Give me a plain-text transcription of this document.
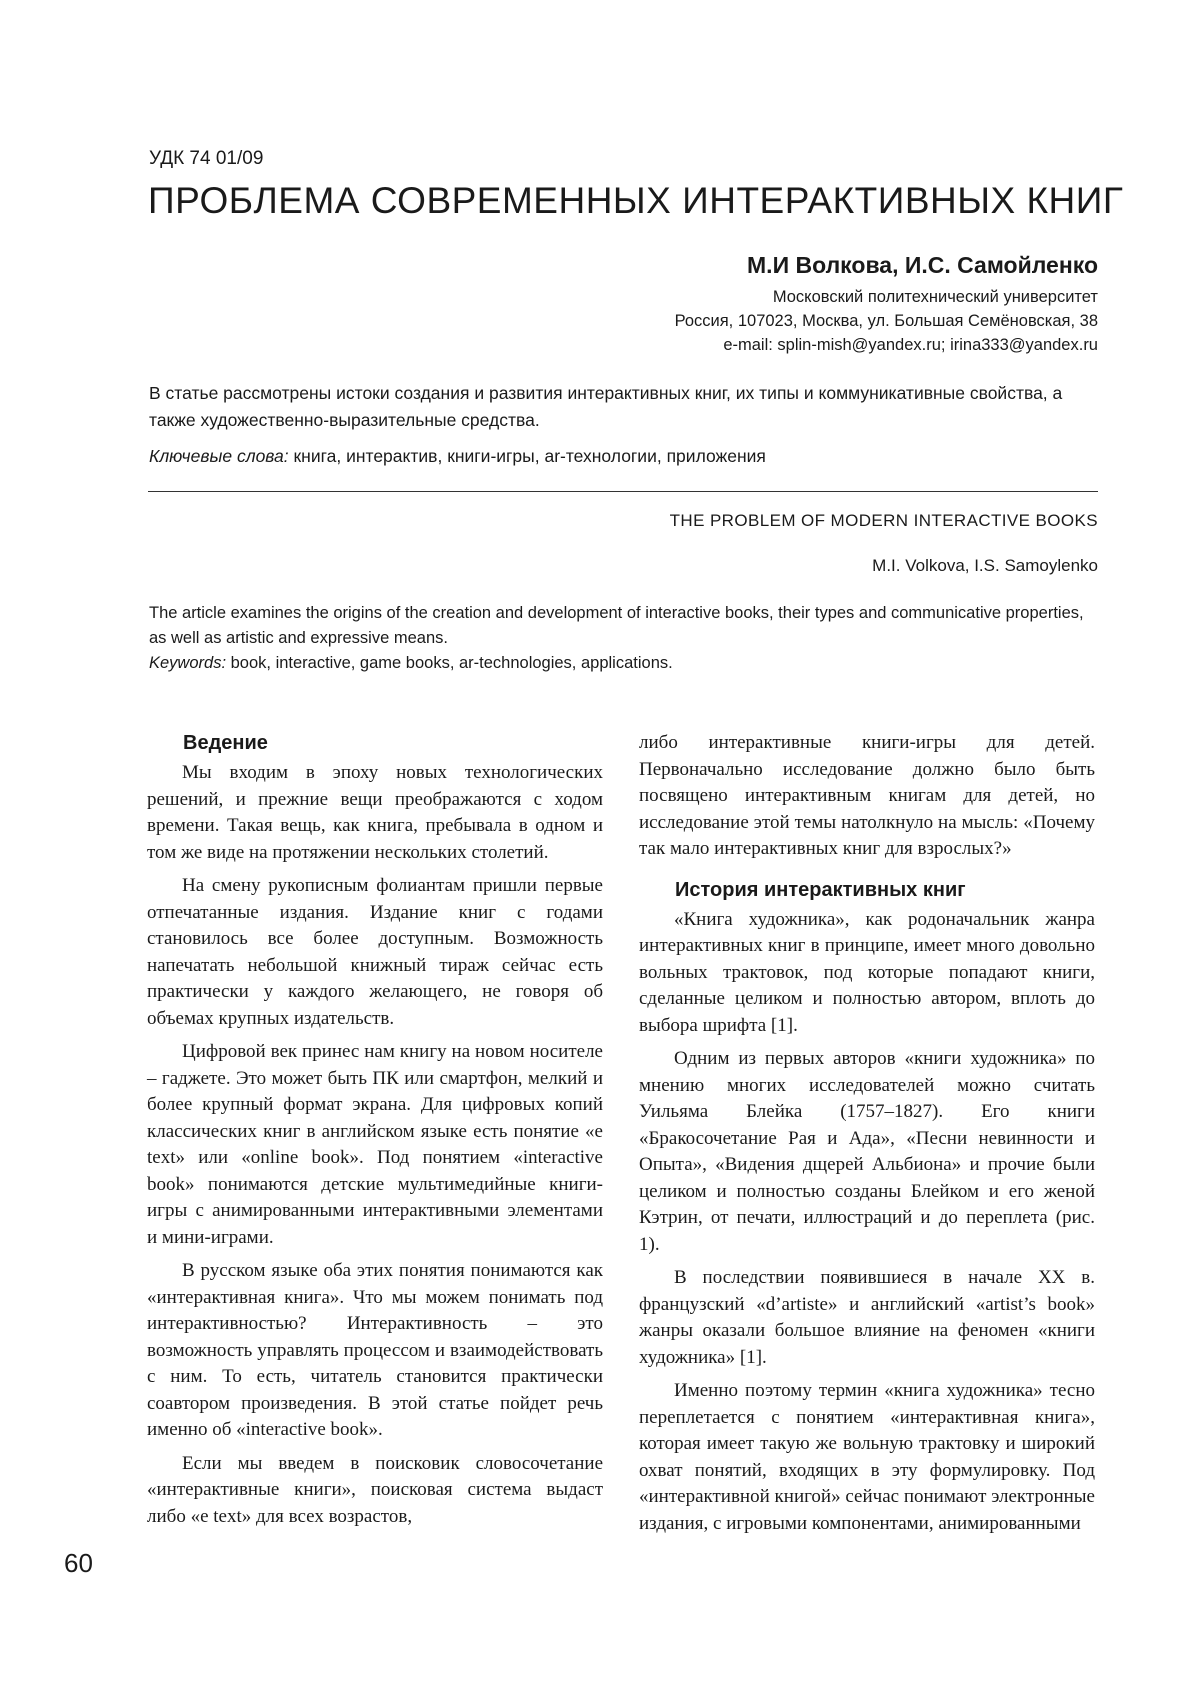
УДК 74 01/09
ПРОБЛЕМА СОВРЕМЕННЫХ ИНТЕРАКТИВНЫХ КНИГ
М.И Волкова, И.С. Самойленко
Московский политехнический университет
Россия, 107023, Москва, ул. Большая Семёновская, 38
e-mail: splin-mish@yandex.ru; irina333@yandex.ru

В статье рассмотрены истоки создания и развития интерактивных книг, их типы и коммуникативные свойства, а также художественно-выразительные средства.

Ключевые слова: книга, интерактив, книги-игры, ar-технологии, приложения
THE PROBLEM OF MODERN INTERACTIVE BOOKS
M.I. Volkova, I.S. Samoylenko

The article examines the origins of the creation and development of interactive books, their types and communicative properties, as well as artistic and expressive means.

Keywords: book, interactive, game books, ar-technologies, applications.
Ведение

Мы входим в эпоху новых технологических решений, и прежние вещи преображаются с ходом времени. Такая вещь, как книга, пребывала в одном и том же виде на протяжении нескольких столетий.

На смену рукописным фолиантам пришли первые отпечатанные издания. Издание книг с годами становилось все более доступным. Возможность напечатать небольшой книжный тираж сейчас есть практически у каждого желающего, не говоря об объемах крупных издательств.

Цифровой век принес нам книгу на новом носителе – гаджете. Это может быть ПК или смартфон, мелкий и более крупный формат экрана. Для цифровых копий классических книг в английском языке есть понятие «e text» или «online book». Под понятием «interactive book» понимаются детские мультимедийные книги-игры с анимированными интерактивными элементами и мини-играми.

В русском языке оба этих понятия понимаются как «интерактивная книга». Что мы можем понимать под интерактивностью? Интерактивность – это возможность управлять процессом и взаимодействовать с ним. То есть, читатель становится практически соавтором произведения. В этой статье пойдет речь именно об «interactive book».

Если мы введем в поисковик словосочетание «интерактивные книги», поисковая система выдаст либо «e text» для всех возрастов,

либо интерактивные книги-игры для детей. Первоначально исследование должно было быть посвящено интерактивным книгам для детей, но исследование этой темы натолкнуло на мысль: «Почему так мало интерактивных книг для взрослых?»

История интерактивных книг

«Книга художника», как родоначальник жанра интерактивных книг в принципе, имеет много довольно вольных трактовок, под которые попадают книги, сделанные целиком и полностью автором, вплоть до выбора шрифта [1].

Одним из первых авторов «книги художника» по мнению многих исследователей можно считать Уильяма Блейка (1757–1827). Его книги «Бракосочетание Рая и Ада», «Песни невинности и Опыта», «Видения дщерей Альбиона» и прочие были целиком и полностью созданы Блейком и его женой Кэтрин, от печати, иллюстраций и до переплета (рис. 1).

В последствии появившиеся в начале XX в. французский «d’artiste» и английский «artist’s book» жанры оказали большое влияние на феномен «книги художника» [1].

Именно поэтому термин «книга художника» тесно переплетается с понятием «интерактивная книга», которая имеет такую же вольную трактовку и широкий охват понятий, входящих в эту формулировку. Под «интерактивной книгой» сейчас понимают электронные издания, с игровыми компонентами, анимированными

60
